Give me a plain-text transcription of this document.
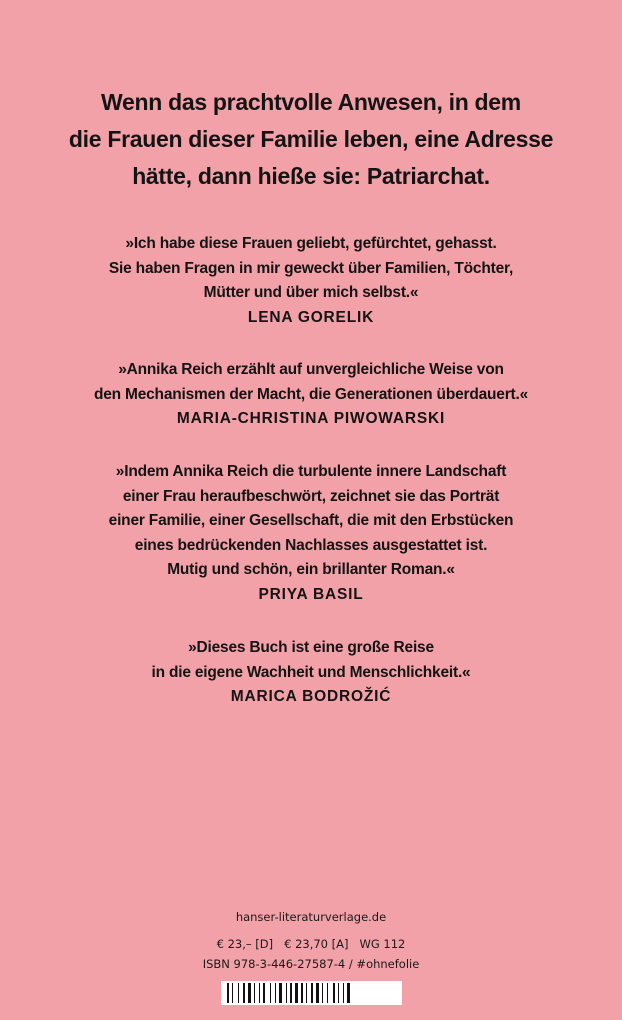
Wenn das prachtvolle Anwesen, in dem
die Frauen dieser Familie leben, eine Adresse
hätte, dann hieße sie: Patriarchat.
»Ich habe diese Frauen geliebt, gefürchtet, gehasst.
Sie haben Fragen in mir geweckt über Familien, Töchter,
Mütter und über mich selbst.«
LENA GORELIK
»Annika Reich erzählt auf unvergleichliche Weise von
den Mechanismen der Macht, die Generationen überdauert.«
MARIA-CHRISTINA PIWOWARSKI
»Indem Annika Reich die turbulente innere Landschaft
einer Frau heraufbeschwört, zeichnet sie das Porträt
einer Familie, einer Gesellschaft, die mit den Erbstücken
eines bedrückenden Nachlasses ausgestattet ist.
Mutig und schön, ein brillanter Roman.«
PRIYA BASIL
»Dieses Buch ist eine große Reise
in die eigene Wachheit und Menschlichkeit.«
MARICA BODROŽIĆ
hanser-literaturverlage.de
€ 23,– [D]   € 23,70 [A]   WG 112
ISBN 978-3-446-27587-4 / #ohnefolie
